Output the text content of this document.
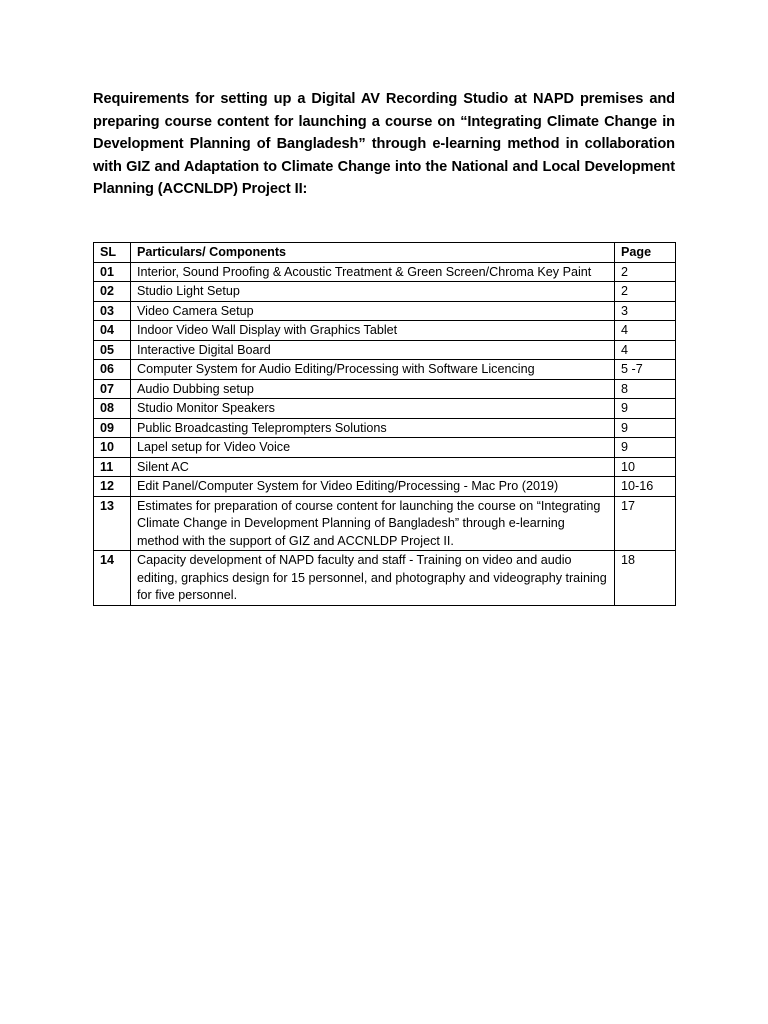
Requirements for setting up a Digital AV Recording Studio at NAPD premises and preparing course content for launching a course on “Integrating Climate Change in Development Planning of Bangladesh” through e-learning method in collaboration with GIZ and Adaptation to Climate Change into the National and Local Development Planning (ACCNLDP) Project II:
SL	Particulars/ Components	Page
01	Interior, Sound Proofing & Acoustic Treatment & Green Screen/Chroma Key Paint	2
02	Studio Light Setup	2
03	Video Camera Setup	3
04	Indoor Video Wall Display with Graphics Tablet	4
05	Interactive Digital Board	4
06	Computer System for Audio Editing/Processing with Software Licencing	5 -7
07	Audio Dubbing setup	8
08	Studio Monitor Speakers	9
09	Public Broadcasting Teleprompters Solutions	9
10	Lapel setup for Video Voice	9
11	Silent AC	10
12	Edit Panel/Computer System for Video Editing/Processing - Mac Pro (2019)	10-16
13	Estimates for preparation of course content for launching the course on “Integrating Climate Change in Development Planning of Bangladesh” through e-learning method with the support of GIZ and ACCNLDP Project II.	17
14	Capacity development of NAPD faculty and staff - Training on video and audio editing, graphics design for 15 personnel, and photography and videography training for five personnel.	18
